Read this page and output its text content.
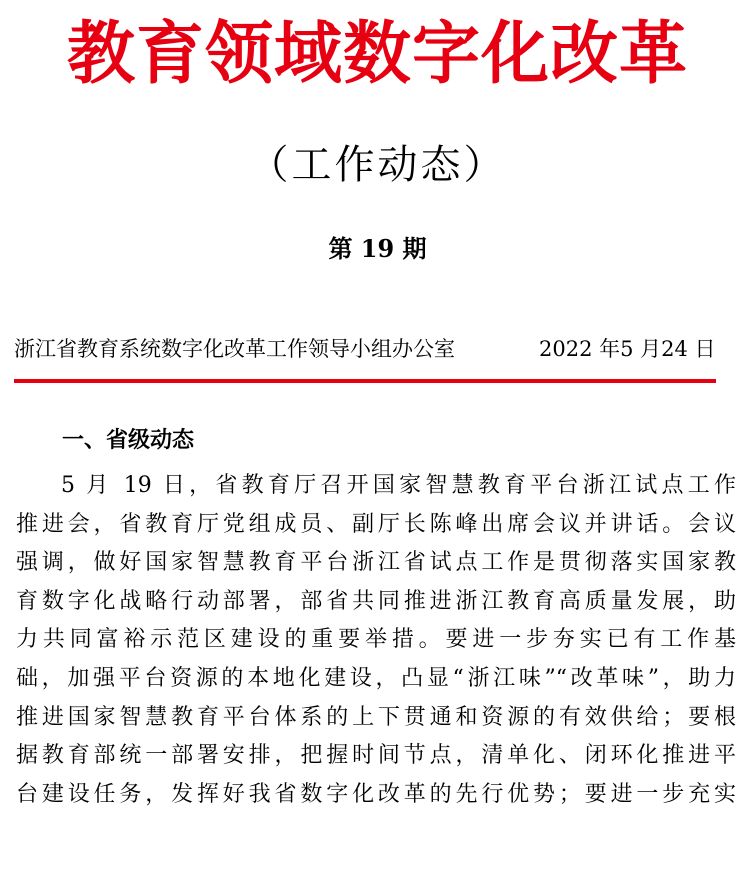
教育领域数字化改革
（工作动态）
第 19 期
浙江省教育系统数字化改革工作领导小组办公室	2022 年5 月24 日
一、省级动态
5 月 19 日，省教育厅召开国家智慧教育平台浙江试点工作
推进会，省教育厅党组成员、副厅长陈峰出席会议并讲话。会议
强调，做好国家智慧教育平台浙江省试点工作是贯彻落实国家教
育数字化战略行动部署，部省共同推进浙江教育高质量发展，助
力共同富裕示范区建设的重要举措。要进一步夯实已有工作基
础，加强平台资源的本地化建设，凸显“浙江味”“改革味”，助力
推进国家智慧教育平台体系的上下贯通和资源的有效供给；要根
据教育部统一部署安排，把握时间节点，清单化、闭环化推进平
台建设任务，发挥好我省数字化改革的先行优势；要进一步充实
